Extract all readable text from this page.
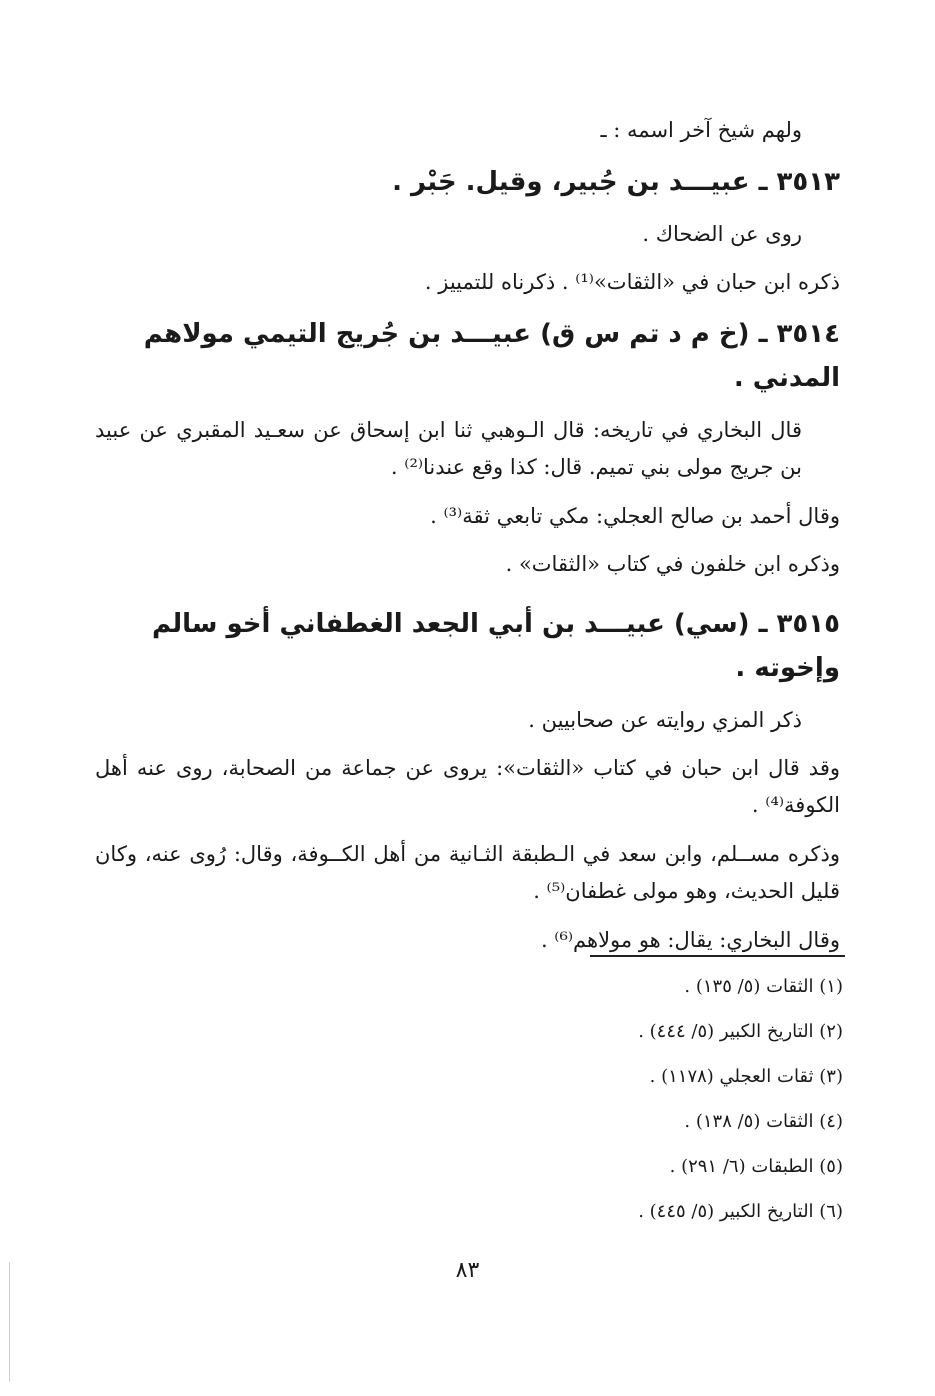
ولهم شيخ آخر اسمه : ـ

٣٥١٣ ـ عبيـــد بن جُبير، وقيل. جَبْر .

روى عن الضحاك .

ذكره ابن حبان في «الثقات»⁽¹⁾ . ذكرناه للتمييز .

٣٥١٤ ـ (خ م د تم س ق) عبيـــد بن جُريج التيمي مولاهم المدني .

قال البخاري في تاريخه: قال الـوهبي ثنا ابن إسحاق عن سعـيد المقبري عن عبيد بن جريج مولى بني تميم. قال: كذا وقع عندنا⁽²⁾ .

وقال أحمد بن صالح العجلي: مكي تابعي ثقة⁽³⁾ .

وذكره ابن خلفون في كتاب «الثقات» .

٣٥١٥ ـ (سي) عبيـــد بن أبي الجعد الغطفاني أخو سالم وإخوته .

ذكر المزي روايته عن صحابيين .

وقد قال ابن حبان في كتاب «الثقات»: يروى عن جماعة من الصحابة، روى عنه أهل الكوفة⁽⁴⁾ .

وذكره مســلم، وابن سعد في الـطبقة الثـانية من أهل الكــوفة، وقال: رُوى عنه، وكان قليل الحديث، وهو مولى غطفان⁽⁵⁾ .

وقال البخاري: يقال: هو مولاهم⁽⁶⁾ .

(١) الثقات (٥/ ١٣٥) .

(٢) التاريخ الكبير (٥/ ٤٤٤) .

(٣) ثقات العجلي (١١٧٨) .

(٤) الثقات (٥/ ١٣٨) .

(٥) الطبقات (٦/ ٢٩١) .

(٦) التاريخ الكبير (٥/ ٤٤٥) .

٨٣
